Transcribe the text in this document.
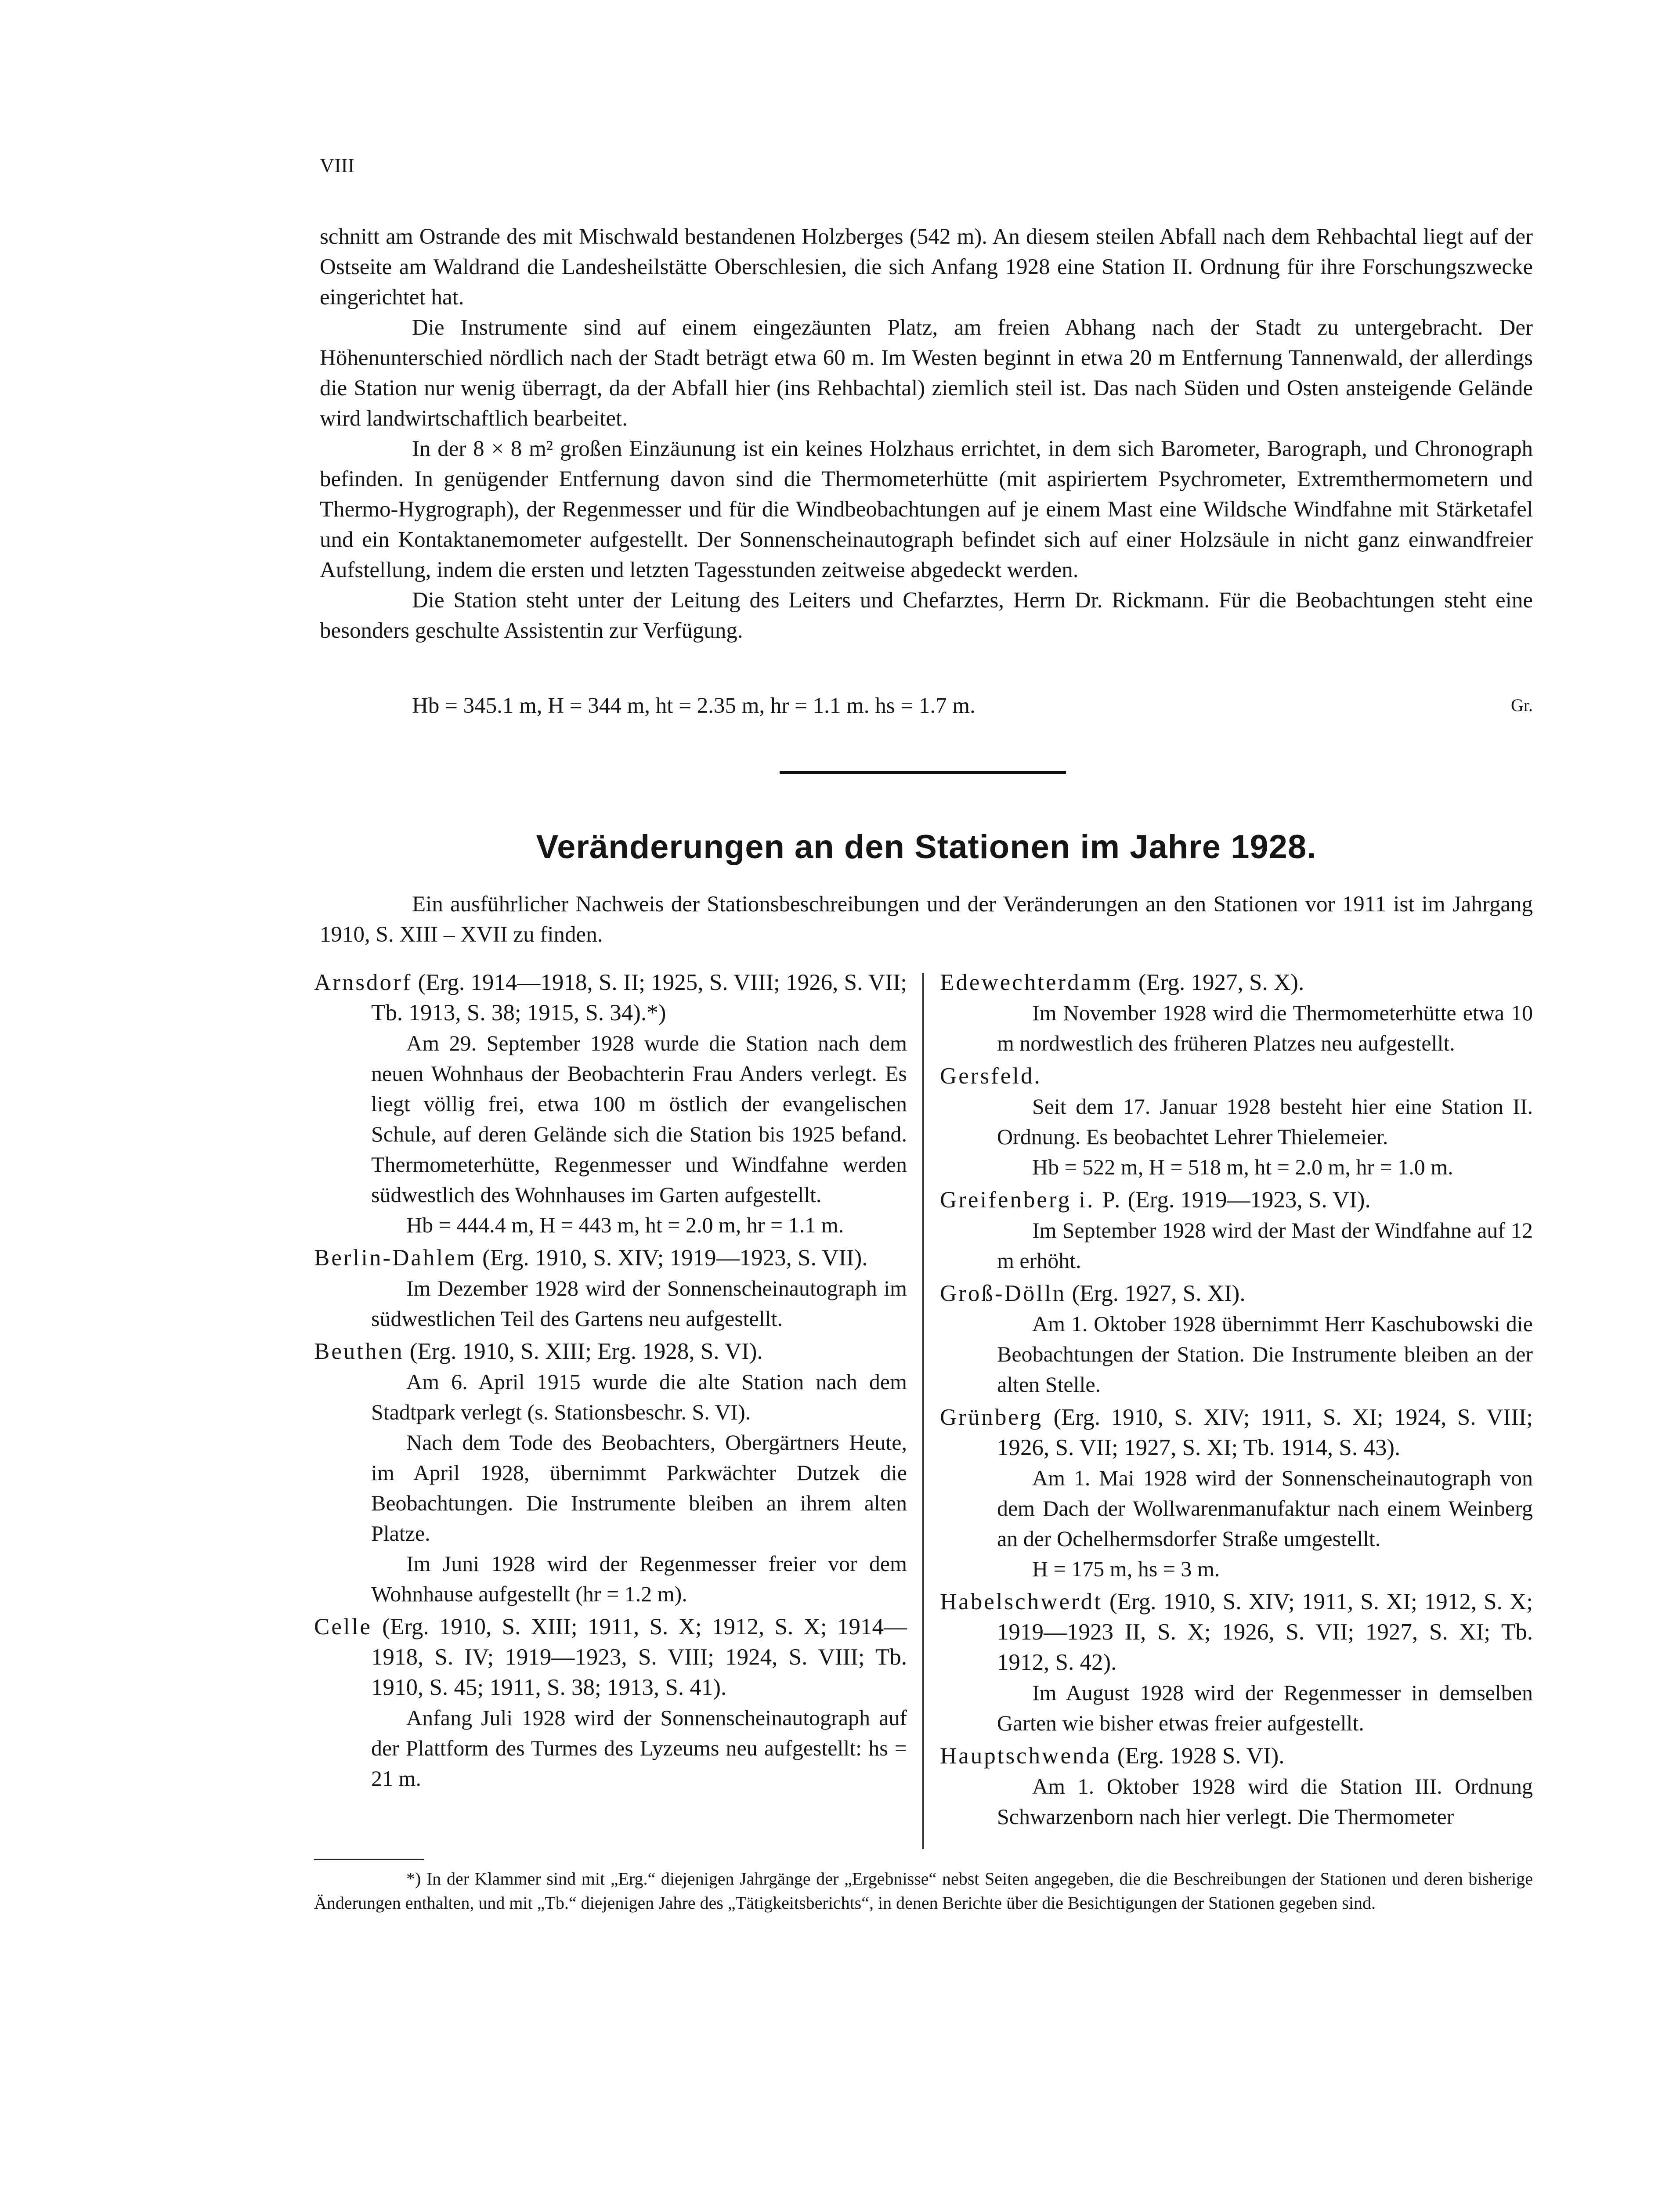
VIII

schnitt am Ostrande des mit Mischwald bestandenen Holzberges (542 m). An diesem steilen Abfall nach dem Rehbachtal liegt auf der Ostseite am Waldrand die Landesheilstätte Oberschlesien, die sich Anfang 1928 eine Station II. Ordnung für ihre Forschungszwecke eingerichtet hat.

Die Instrumente sind auf einem eingezäunten Platz, am freien Abhang nach der Stadt zu untergebracht. Der Höhenunterschied nördlich nach der Stadt beträgt etwa 60 m. Im Westen beginnt in etwa 20 m Entfernung Tannenwald, der allerdings die Station nur wenig überragt, da der Abfall hier (ins Rehbachtal) ziemlich steil ist. Das nach Süden und Osten ansteigende Gelände wird landwirtschaftlich bearbeitet.

In der 8 × 8 m² großen Einzäunung ist ein keines Holzhaus errichtet, in dem sich Barometer, Barograph, und Chronograph befinden. In genügender Entfernung davon sind die Thermometerhütte (mit aspiriertem Psychrometer, Extremthermometern und Thermo-Hygrograph), der Regenmesser und für die Windbeobachtungen auf je einem Mast eine Wildsche Windfahne mit Stärketafel und ein Kontaktanemometer aufgestellt. Der Sonnenscheinautograph befindet sich auf einer Holzsäule in nicht ganz einwandfreier Aufstellung, indem die ersten und letzten Tagesstunden zeitweise abgedeckt werden.

Die Station steht unter der Leitung des Leiters und Chefarztes, Herrn Dr. Rickmann. Für die Beobachtungen steht eine besonders geschulte Assistentin zur Verfügung.

Hb = 345.1 m, H = 344 m, ht = 2.35 m, hr = 1.1 m. hs = 1.7 m.	Gr.
Veränderungen an den Stationen im Jahre 1928.

Ein ausführlicher Nachweis der Stationsbeschreibungen und der Veränderungen an den Stationen vor 1911 ist im Jahrgang 1910, S. XIII – XVII zu finden.

Arnsdorf (Erg. 1914—1918, S. II; 1925, S. VIII; 1926, S. VII; Tb. 1913, S. 38; 1915, S. 34).*)

Am 29. September 1928 wurde die Station nach dem neuen Wohnhaus der Beobachterin Frau Anders verlegt. Es liegt völlig frei, etwa 100 m östlich der evangelischen Schule, auf deren Gelände sich die Station bis 1925 befand. Thermometerhütte, Regenmesser und Windfahne werden südwestlich des Wohnhauses im Garten aufgestellt.

Hb = 444.4 m, H = 443 m, ht = 2.0 m, hr = 1.1 m.

Berlin-Dahlem (Erg. 1910, S. XIV; 1919—1923, S. VII).

Im Dezember 1928 wird der Sonnenscheinautograph im südwestlichen Teil des Gartens neu aufgestellt.

Beuthen (Erg. 1910, S. XIII; Erg. 1928, S. VI).

Am 6. April 1915 wurde die alte Station nach dem Stadtpark verlegt (s. Stationsbeschr. S. VI).

Nach dem Tode des Beobachters, Obergärtners Heute, im April 1928, übernimmt Parkwächter Dutzek die Beobachtungen. Die Instrumente bleiben an ihrem alten Platze.

Im Juni 1928 wird der Regenmesser freier vor dem Wohnhause aufgestellt (hr = 1.2 m).

Celle (Erg. 1910, S. XIII; 1911, S. X; 1912, S. X; 1914—1918, S. IV; 1919—1923, S. VIII; 1924, S. VIII; Tb. 1910, S. 45; 1911, S. 38; 1913, S. 41).

Anfang Juli 1928 wird der Sonnenscheinautograph auf der Plattform des Turmes des Lyzeums neu aufgestellt: hs = 21 m.

Edewechterdamm (Erg. 1927, S. X).

Im November 1928 wird die Thermometerhütte etwa 10 m nordwestlich des früheren Platzes neu aufgestellt.

Gersfeld.

Seit dem 17. Januar 1928 besteht hier eine Station II. Ordnung. Es beobachtet Lehrer Thielemeier.

Hb = 522 m, H = 518 m, ht = 2.0 m, hr = 1.0 m.

Greifenberg i. P. (Erg. 1919—1923, S. VI).

Im September 1928 wird der Mast der Windfahne auf 12 m erhöht.

Groß-Dölln (Erg. 1927, S. XI).

Am 1. Oktober 1928 übernimmt Herr Kaschubowski die Beobachtungen der Station. Die Instrumente bleiben an der alten Stelle.

Grünberg (Erg. 1910, S. XIV; 1911, S. XI; 1924, S. VIII; 1926, S. VII; 1927, S. XI; Tb. 1914, S. 43).

Am 1. Mai 1928 wird der Sonnenscheinautograph von dem Dach der Wollwarenmanufaktur nach einem Weinberg an der Ochelhermsdorfer Straße umgestellt.

H = 175 m, hs = 3 m.

Habelschwerdt (Erg. 1910, S. XIV; 1911, S. XI; 1912, S. X; 1919—1923 II, S. X; 1926, S. VII; 1927, S. XI; Tb. 1912, S. 42).

Im August 1928 wird der Regenmesser in demselben Garten wie bisher etwas freier aufgestellt.

Hauptschwenda (Erg. 1928 S. VI).

Am 1. Oktober 1928 wird die Station III. Ordnung Schwarzenborn nach hier verlegt. Die Thermometer

*) In der Klammer sind mit „Erg.“ diejenigen Jahrgänge der „Ergebnisse“ nebst Seiten angegeben, die die Beschreibungen der Stationen und deren bisherige Änderungen enthalten, und mit „Tb.“ diejenigen Jahre des „Tätigkeitsberichts“, in denen Berichte über die Besichtigungen der Stationen gegeben sind.
